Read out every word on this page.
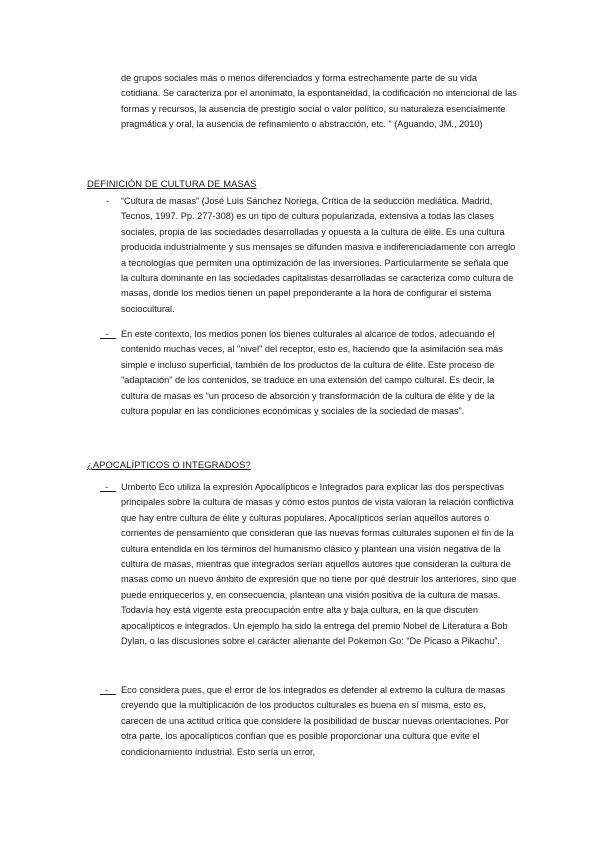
de grupos sociales más o menos diferenciados y forma estrechamente parte de su vida cotidiana. Se caracteriza por el anonimato, la espontaneidad, la codificación no intencional de las formas y recursos, la ausencia de prestigio social o valor político, su naturaleza esencialmente pragmática y oral, la ausencia de refinamiento o abstracción, etc. “ (Aguando, JM., 2010)

DEFINICIÓN DE CULTURA DE MASAS

- “Cultura de masas” (José Luis Sánchez Noriega, Crítica de la seducción mediática. Madrid, Tecnos, 1997. Pp. 277-308) es un tipo de cultura popularizada, extensiva a todas las clases sociales, propia de las sociedades desarrolladas y opuesta a la cultura de élite. Es una cultura producida industrialmente y sus mensajes se difunden masiva e indiferenciadamente con arreglo a tecnologías que permiten una optimización de las inversiones. Particularmente se señala que la cultura dominante en las sociedades capitalistas desarrolladas se caracteriza como cultura de masas, donde los medios tienen un papel preponderante a la hora de configurar el sistema sociocultural.

-	En este contexto, los medios ponen los bienes culturales al alcance de todos, adecuando el contenido muchas veces, al "nivel" del receptor, esto es, haciendo que la asimilación sea más simple e incluso superficial, también de los productos de la cultura de élite. Este proceso de "adaptación" de los contenidos, se traduce en una extensión del campo cultural. Es decir, la cultura de masas es “un proceso de absorción y transformación de la cultura de élite y de la cultura popular en las condiciones económicas y sociales de la sociedad de masas”.

¿APOCALÍPTICOS O INTEGRADOS?

-	Umberto Eco utiliza la expresión Apocalípticos e Integrados para explicar las dos perspectivas principales sobre la cultura de masas y cómo estos puntos de vista valoran la relación conflictiva que hay entre cultura de élite y culturas populares. Apocalípticos serían aquellos autores o corrientes de pensamiento que consideran que las nuevas formas culturales suponen el fin de la cultura entendida en los términos del humanismo clásico y plantean una visión negativa de la cultura de masas, mientras que integrados serían aquellos autores que consideran la cultura de masas como un nuevo ámbito de expresión que no tiene por qué destruir los anteriores, sino que puede enriquecerlos y, en consecuencia, plantean una visión positiva de la cultura de masas. Todavía hoy está vigente esta preocupación entre alta y baja cultura, en la que discuten apocalípticos e integrados. Un ejemplo ha sido la entrega del premio Nobel de Literatura a Bob Dylan, o las discusiones sobre el carácter alienante del Pokemon Go: “De Picaso a Pikachu”.

-	Eco considera pues, que el error de los integrados es defender al extremo la cultura de masas creyendo que la multiplicación de los productos culturales es buena en sí misma, esto es, carecen de una actitud crítica que considere la posibilidad de buscar nuevas orientaciones. Por otra parte, los apocalípticos confían que es posible proporcionar una cultura que evite el condicionamiento industrial. Esto sería un error,
